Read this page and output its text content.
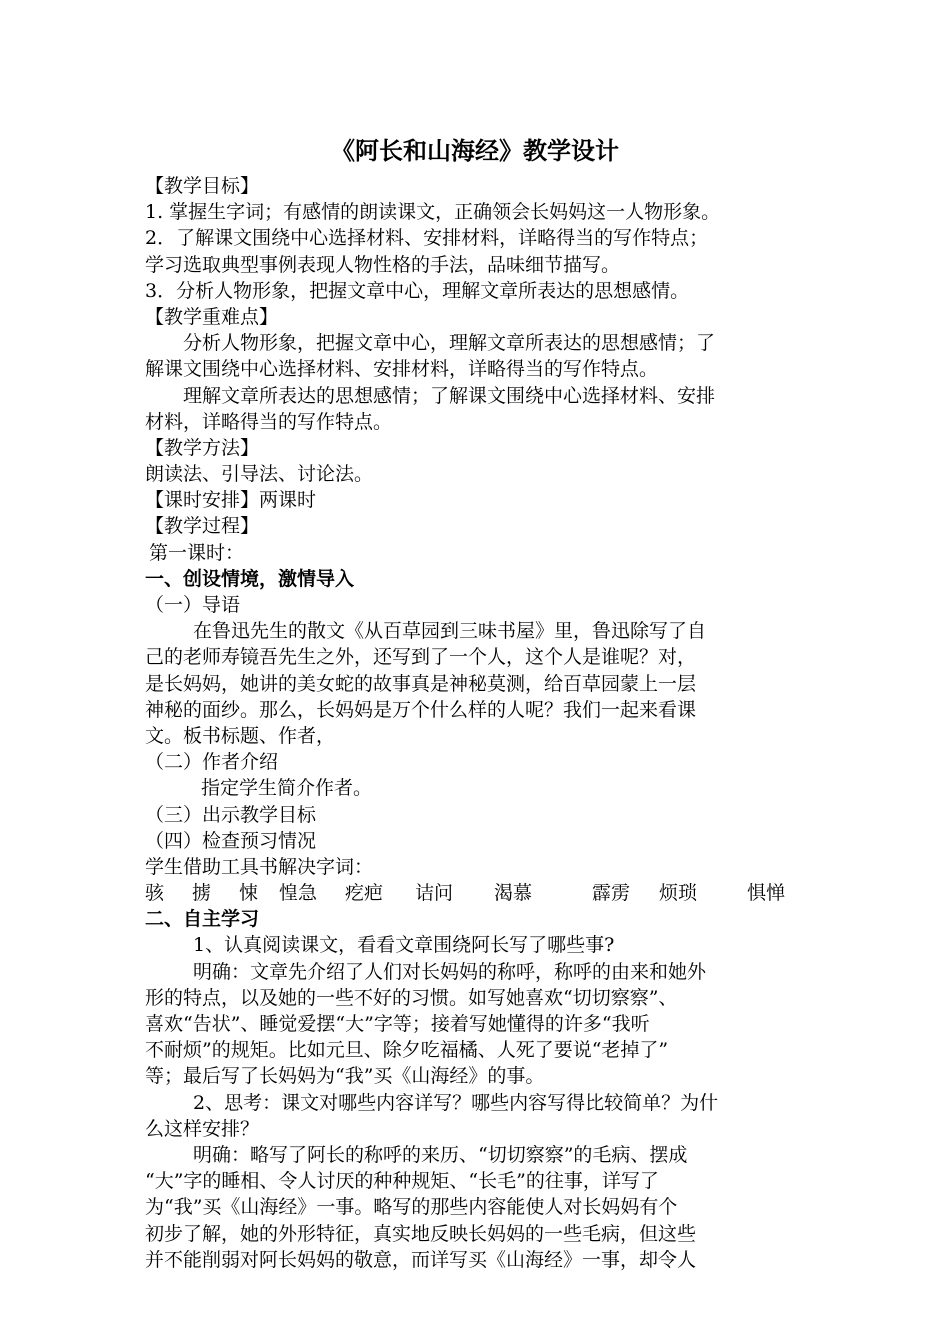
《阿长和山海经》教学设计
【教学目标】
1. 掌握生字词；有感情的朗读课文，正确领会长妈妈这一人物形象。
2．了解课文围绕中心选择材料、安排材料，详略得当的写作特点；
学习选取典型事例表现人物性格的手法，品味细节描写。
3．分析人物形象，把握文章中心，理解文章所表达的思想感情。
【教学重难点】
分析人物形象，把握文章中心，理解文章所表达的思想感情；了
解课文围绕中心选择材料、安排材料，详略得当的写作特点。
理解文章所表达的思想感情；了解课文围绕中心选择材料、安排
材料，详略得当的写作特点。
【教学方法】
朗读法、引导法、讨论法。
【课时安排】两课时
【教学过程】
第一课时：
一、创设情境，激情导入
（一）导语
在鲁迅先生的散文《从百草园到三味书屋》里，鲁迅除写了自
己的老师寿镜吾先生之外，还写到了一个人，这个人是谁呢？对，
是长妈妈，她讲的美女蛇的故事真是神秘莫测，给百草园蒙上一层
神秘的面纱。那么，长妈妈是万个什么样的人呢？我们一起来看课
文。板书标题、作者，
（二）作者介绍
指定学生简介作者。
（三）出示教学目标
（四）检查预习情况
学生借助工具书解决字词：
骇	掳	悚	惶急	疙疤	诘问	渴慕	霹雳	烦琐	惧惮
二、自主学习
1、认真阅读课文，看看文章围绕阿长写了哪些事?
明确：文章先介绍了人们对长妈妈的称呼，称呼的由来和她外
形的特点，以及她的一些不好的习惯。如写她喜欢“切切察察”、
喜欢“告状”、睡觉爱摆“大”字等；接着写她懂得的许多“我听
不耐烦”的规矩。比如元旦、除夕吃福橘、人死了要说“老掉了”
等；最后写了长妈妈为“我”买《山海经》的事。
2、思考：课文对哪些内容详写？哪些内容写得比较简单？为什
么这样安排？
明确：略写了阿长的称呼的来历、“切切察察”的毛病、摆成
“大”字的睡相、令人讨厌的种种规矩、“长毛”的往事，详写了
为“我”买《山海经》一事。略写的那些内容能使人对长妈妈有个
初步了解，她的外形特征，真实地反映长妈妈的一些毛病，但这些
并不能削弱对阿长妈妈的敬意，而详写买《山海经》一事，却令人
